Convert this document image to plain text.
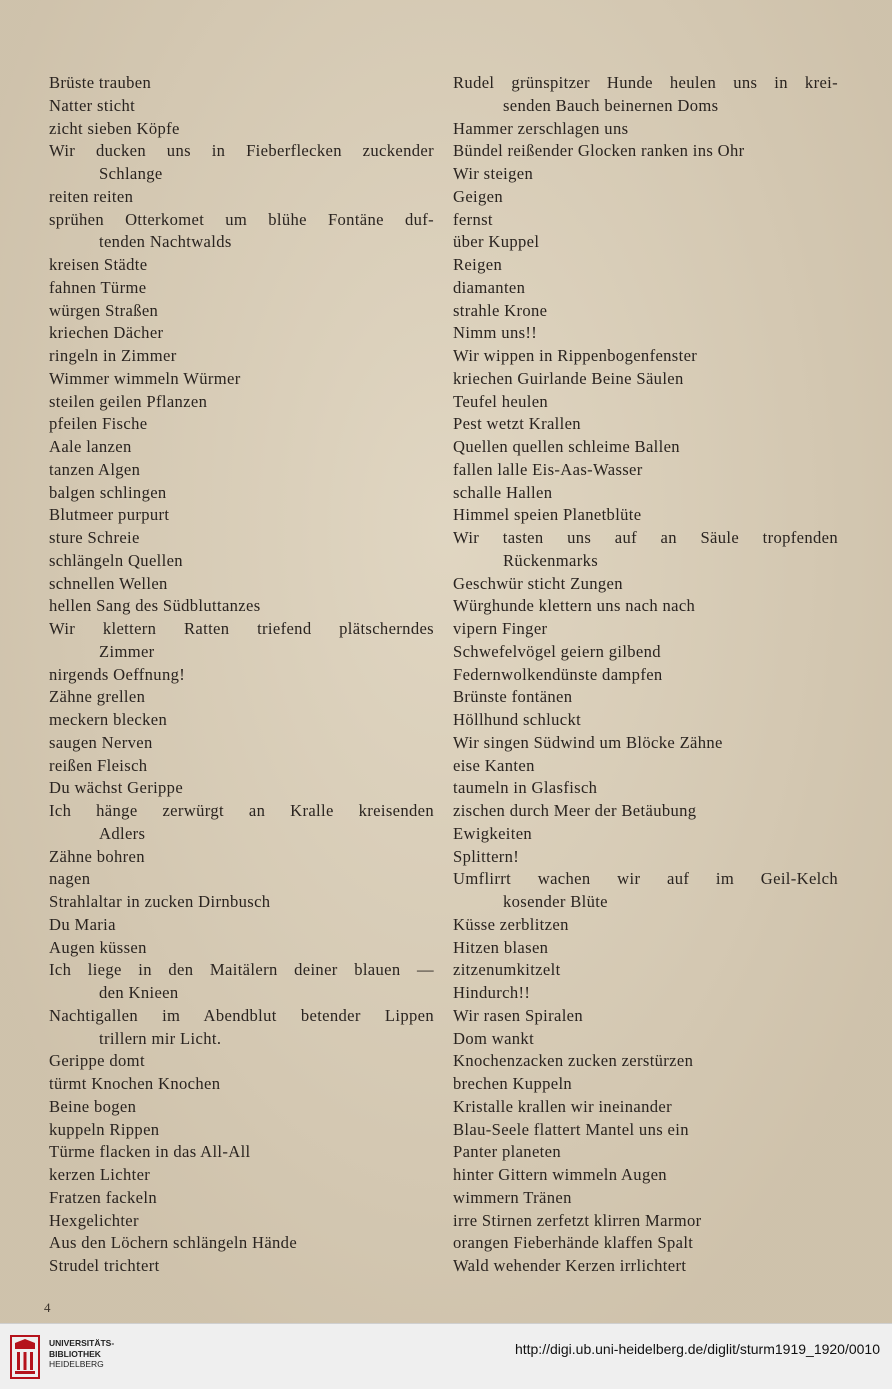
Brüste trauben
Natter sticht
zicht sieben Köpfe
Wir ducken uns in Fieberflecken zuckender
Schlange
reiten reiten
sprühen Otterkomet um blühe Fontäne duf-
tenden Nachtwalds
kreisen Städte
fahnen Türme
würgen Straßen
kriechen Dächer
ringeln in Zimmer
Wimmer wimmeln Würmer
steilen geilen Pflanzen
pfeilen Fische
Aale lanzen
tanzen Algen
balgen schlingen
Blutmeer purpurt
sture Schreie
schlängeln Quellen
schnellen Wellen
hellen Sang des Südbluttanzes
Wir klettern Ratten triefend plätscherndes
Zimmer
nirgends Oeffnung!
Zähne grellen
meckern blecken
saugen Nerven
reißen Fleisch
Du wächst Gerippe
Ich hänge zerwürgt an Kralle kreisenden
Adlers
Zähne bohren
nagen
Strahlaltar in zucken Dirnbusch
Du Maria
Augen küssen
Ich liege in den Maitälern deiner blauen —
den Knieen
Nachtigallen im Abendblut betender Lippen
trillern mir Licht.
Gerippe domt
türmt Knochen Knochen
Beine bogen
kuppeln Rippen
Türme flacken in das All-All
kerzen Lichter
Fratzen fackeln
Hexgelichter
Aus den Löchern schlängeln Hände
Strudel trichtert
Rudel grünspitzer Hunde heulen uns in krei-
senden Bauch beinernen Doms
Hammer zerschlagen uns
Bündel reißender Glocken ranken ins Ohr
Wir steigen
Geigen
fernst
über Kuppel
Reigen
diamanten
strahle Krone
Nimm uns!!
Wir wippen in Rippenbogenfenster
kriechen Guirlande Beine Säulen
Teufel heulen
Pest wetzt Krallen
Quellen quellen schleime Ballen
fallen lalle Eis-Aas-Wasser
schalle Hallen
Himmel speien Planetblüte
Wir tasten uns auf an Säule tropfenden
Rückenmarks
Geschwür sticht Zungen
Würghunde klettern uns nach nach
vipern Finger
Schwefelvögel geiern gilbend
Federnwolkendünste dampfen
Brünste fontänen
Höllhund schluckt
Wir singen Südwind um Blöcke Zähne
eise Kanten
taumeln in Glasfisch
zischen durch Meer der Betäubung
Ewigkeiten
Splittern!
Umflirrt wachen wir auf im Geil-Kelch
kosender Blüte
Küsse zerblitzen
Hitzen blasen
zitzenumkitzelt
Hindurch!!
Wir rasen Spiralen
Dom wankt
Knochenzacken zucken zerstürzen
brechen Kuppeln
Kristalle krallen wir ineinander
Blau-Seele flattert Mantel uns ein
Panter planeten
hinter Gittern wimmeln Augen
wimmern Tränen
irre Stirnen zerfetzt klirren Marmor
orangen Fieberhände klaffen Spalt
Wald wehender Kerzen irrlichtert
4
UNIVERSITÄTS-
BIBLIOTHEK
HEIDELBERG
http://digi.ub.uni-heidelberg.de/diglit/sturm1919_1920/0010
